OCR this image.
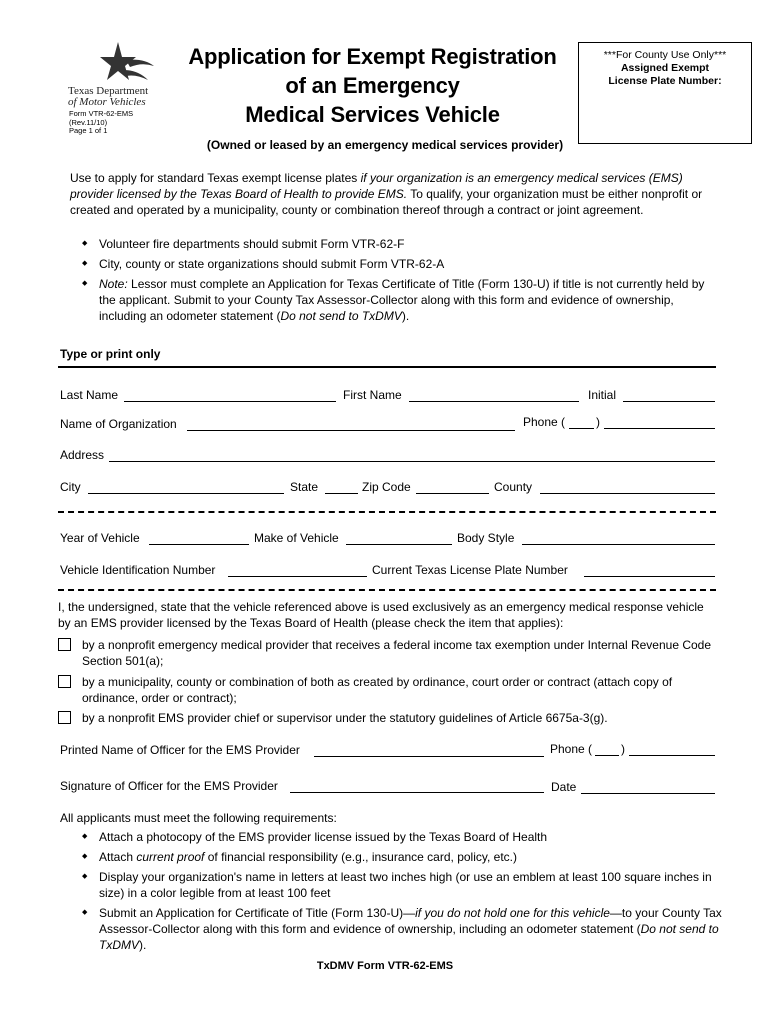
Texas Department
of Motor Vehicles
Form VTR-62-EMS
(Rev.11/10)
Page 1 of 1
Application for Exempt Registration
of an Emergency
Medical Services Vehicle
***For County Use Only***
Assigned Exempt
License Plate Number:
(Owned or leased by an emergency medical services provider)
Use to apply for standard Texas exempt license plates if your organization is an emergency medical services (EMS) provider licensed by the Texas Board of Health to provide EMS. To qualify, your organization must be either nonprofit or created and operated by a municipality, county or combination thereof through a contract or joint agreement.
◆ Volunteer fire departments should submit Form VTR-62-F
◆ City, county or state organizations should submit Form VTR-62-A
◆ Note: Lessor must complete an Application for Texas Certificate of Title (Form 130-U) if title is not currently held by the applicant. Submit to your County Tax Assessor-Collector along with this form and evidence of ownership, including an odometer statement (Do not send to TxDMV).
Type or print only
Last Name	First Name	Initial
Name of Organization	Phone (	)
Address
City	State	Zip Code	County
Year of Vehicle	Make of Vehicle	Body Style
Vehicle Identification Number	Current Texas License Plate Number
I, the undersigned, state that the vehicle referenced above is used exclusively as an emergency medical response vehicle by an EMS provider licensed by the Texas Board of Health (please check the item that applies):
by a nonprofit emergency medical provider that receives a federal income tax exemption under Internal Revenue Code Section 501(a);
by a municipality, county or combination of both as created by ordinance, court order or contract (attach copy of ordinance, order or contract);
by a nonprofit EMS provider chief or supervisor under the statutory guidelines of Article 6675a-3(g).
Printed Name of Officer for the EMS Provider	Phone ( )
Signature of Officer for the EMS Provider	Date
All applicants must meet the following requirements:
◆ Attach a photocopy of the EMS provider license issued by the Texas Board of Health
◆ Attach current proof of financial responsibility (e.g., insurance card, policy, etc.)
◆ Display your organization's name in letters at least two inches high (or use an emblem at least 100 square inches in size) in a color legible from at least 100 feet
◆ Submit an Application for Certificate of Title (Form 130-U)—if you do not hold one for this vehicle—to your County Tax Assessor-Collector along with this form and evidence of ownership, including an odometer statement (Do not send to TxDMV).
TxDMV Form VTR-62-EMS
